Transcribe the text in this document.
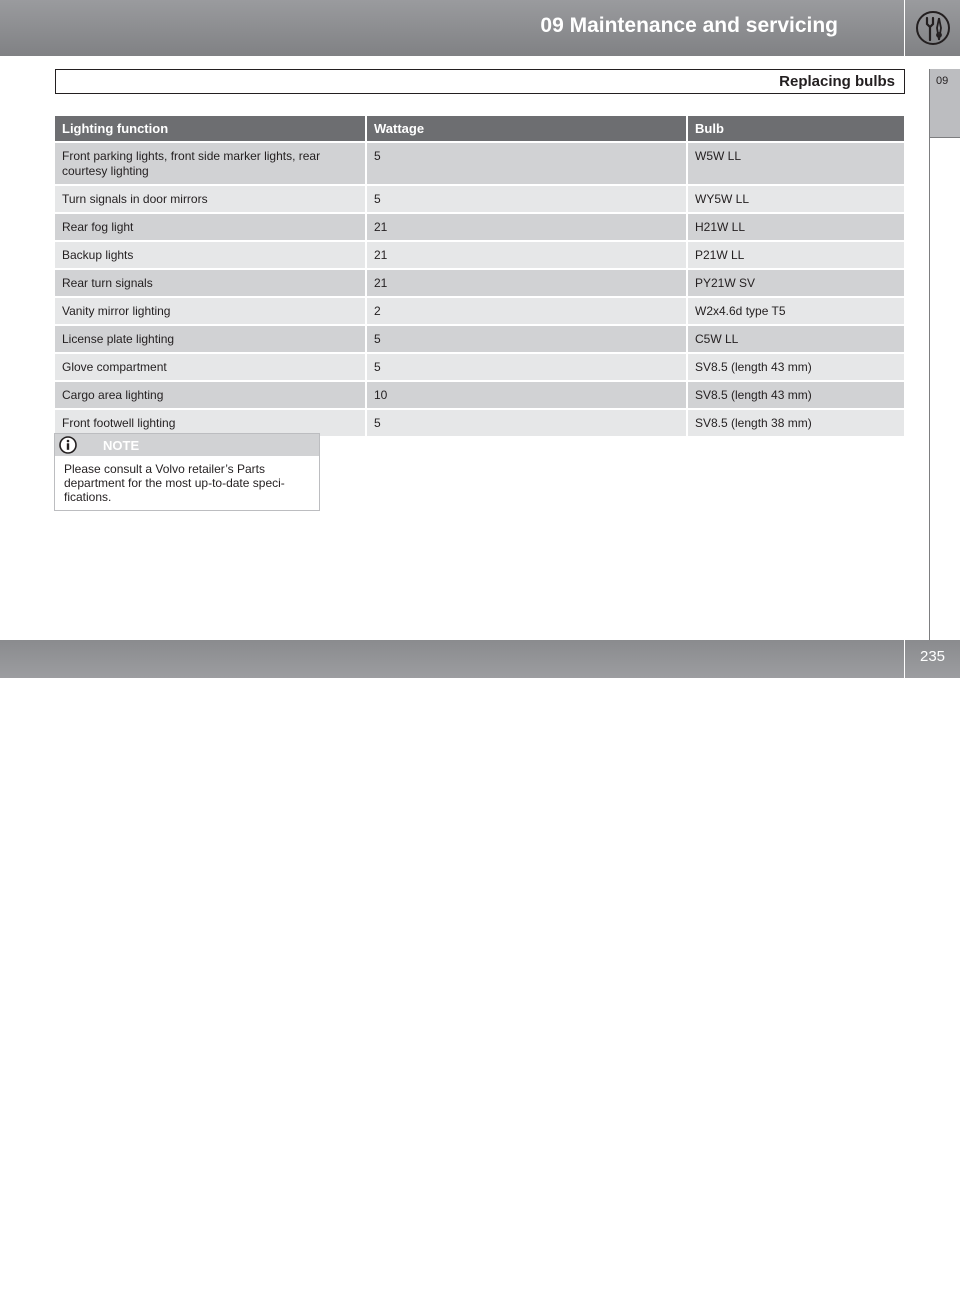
09 Maintenance and servicing
Replacing bulbs	09
Lighting function	Wattage	Bulb
Front parking lights, front side marker lights, rear courtesy lighting	5	W5W LL
Turn signals in door mirrors	5	WY5W LL
Rear fog light	21	H21W LL
Backup lights	21	P21W LL
Rear turn signals	21	PY21W SV
Vanity mirror lighting	2	W2x4.6d type T5
License plate lighting	5	C5W LL
Glove compartment	5	SV8.5 (length 43 mm)
Cargo area lighting	10	SV8.5 (length 43 mm)
Front footwell lighting	5	SV8.5 (length 38 mm)
NOTE
Please consult a Volvo retailer’s Parts department for the most up-to-date speci-fications.
carmanualsonline.info
235
